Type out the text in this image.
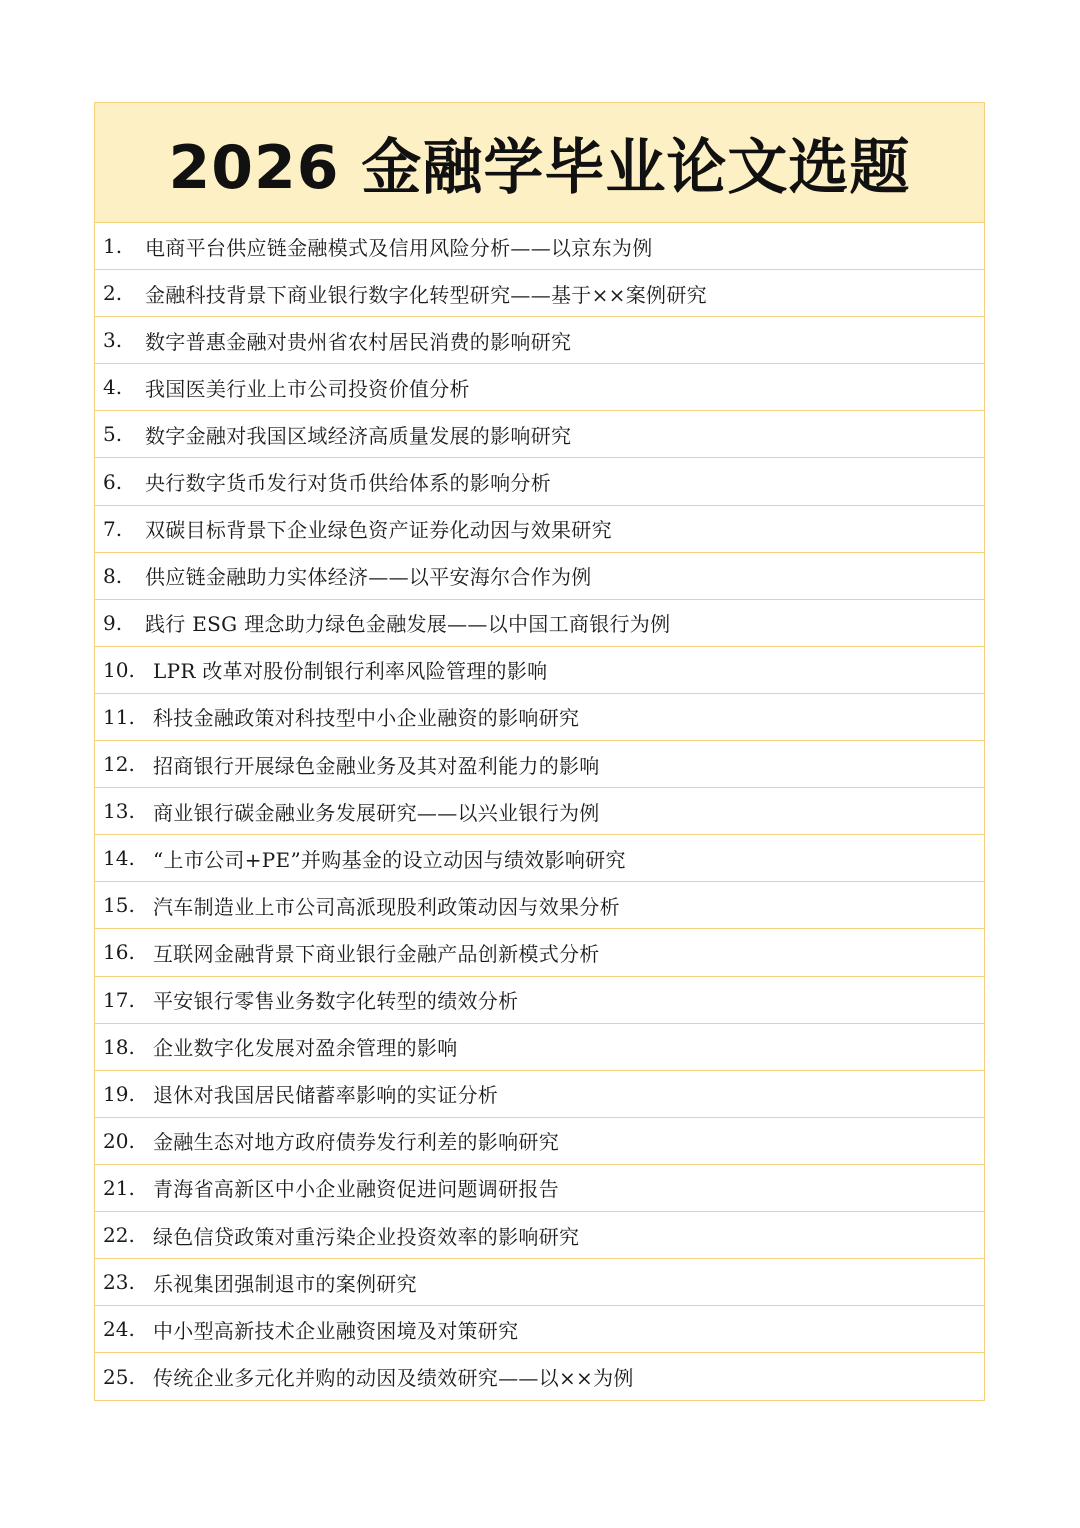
2026 金融学毕业论文选题
1.	电商平台供应链金融模式及信用风险分析——以京东为例
2.	金融科技背景下商业银行数字化转型研究——基于××案例研究
3.	数字普惠金融对贵州省农村居民消费的影响研究
4.	我国医美行业上市公司投资价值分析
5.	数字金融对我国区域经济高质量发展的影响研究
6.	央行数字货币发行对货币供给体系的影响分析
7.	双碳目标背景下企业绿色资产证券化动因与效果研究
8.	供应链金融助力实体经济——以平安海尔合作为例
9.	践行 ESG 理念助力绿色金融发展——以中国工商银行为例
10. LPR 改革对股份制银行利率风险管理的影响
11. 科技金融政策对科技型中小企业融资的影响研究
12. 招商银行开展绿色金融业务及其对盈利能力的影响
13. 商业银行碳金融业务发展研究——以兴业银行为例
14. “上市公司+PE”并购基金的设立动因与绩效影响研究
15. 汽车制造业上市公司高派现股利政策动因与效果分析
16. 互联网金融背景下商业银行金融产品创新模式分析
17. 平安银行零售业务数字化转型的绩效分析
18. 企业数字化发展对盈余管理的影响
19. 退休对我国居民储蓄率影响的实证分析
20. 金融生态对地方政府债券发行利差的影响研究
21. 青海省高新区中小企业融资促进问题调研报告
22. 绿色信贷政策对重污染企业投资效率的影响研究
23. 乐视集团强制退市的案例研究
24. 中小型高新技术企业融资困境及对策研究
25. 传统企业多元化并购的动因及绩效研究——以××为例
